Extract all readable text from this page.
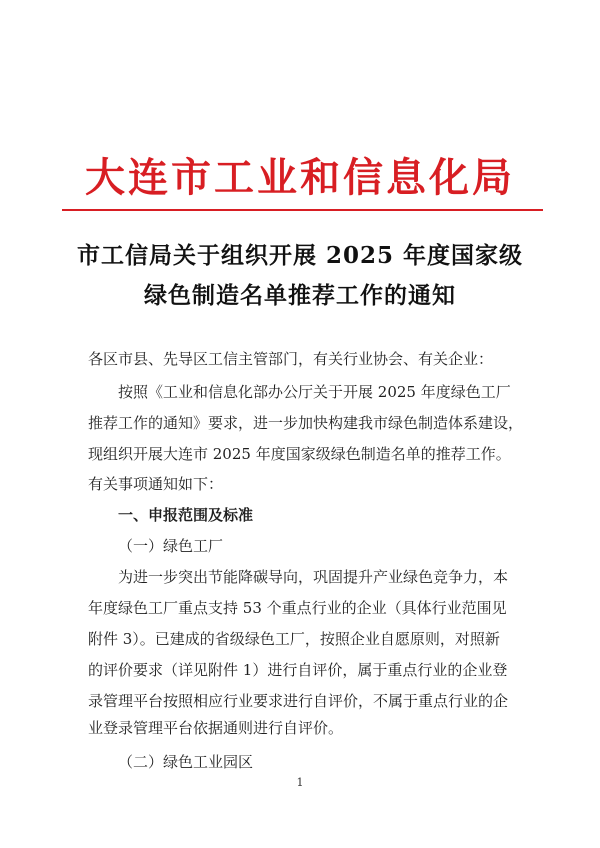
大连市工业和信息化局
市工信局关于组织开展 2025 年度国家级
绿色制造名单推荐工作的通知
各区市县、先导区工信主管部门，有关行业协会、有关企业：
按照《工业和信息化部办公厅关于开展 2025 年度绿色工厂
推荐工作的通知》要求，进一步加快构建我市绿色制造体系建设，
现组织开展大连市 2025 年度国家级绿色制造名单的推荐工作。
有关事项通知如下：
一、申报范围及标准
（一）绿色工厂
为进一步突出节能降碳导向，巩固提升产业绿色竞争力，本
年度绿色工厂重点支持 53 个重点行业的企业（具体行业范围见
附件 3）。已建成的省级绿色工厂，按照企业自愿原则，对照新
的评价要求（详见附件 1）进行自评价，属于重点行业的企业登
录管理平台按照相应行业要求进行自评价，不属于重点行业的企
业登录管理平台依据通则进行自评价。
（二）绿色工业园区
1
